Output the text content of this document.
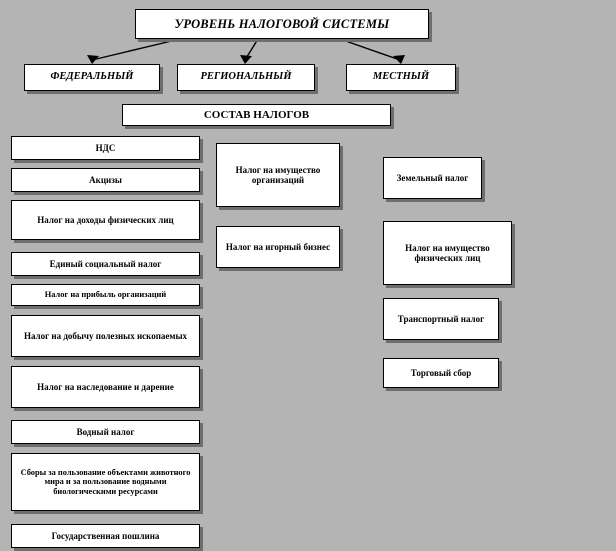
УРОВЕНЬ НАЛОГОВОЙ СИСТЕМЫ
ФЕДЕРАЛЬНЫЙ	РЕГИОНАЛЬНЫЙ	МЕСТНЫЙ
СОСТАВ НАЛОГОВ
НДС
Акцизы
Налог на доходы физических лиц
Единый социальный налог
Налог на прибыль организаций
Налог на добычу полезных ископаемых
Налог на наследование и дарение
Водный налог
Сборы за пользование объектами животного мира и за пользование водными биологическими ресурсами
Государственная пошлина
Налог на имущество организаций
Налог на игорный бизнес
Земельный налог
Налог на имущество физических лиц
Транспортный налог
Торговый сбор
